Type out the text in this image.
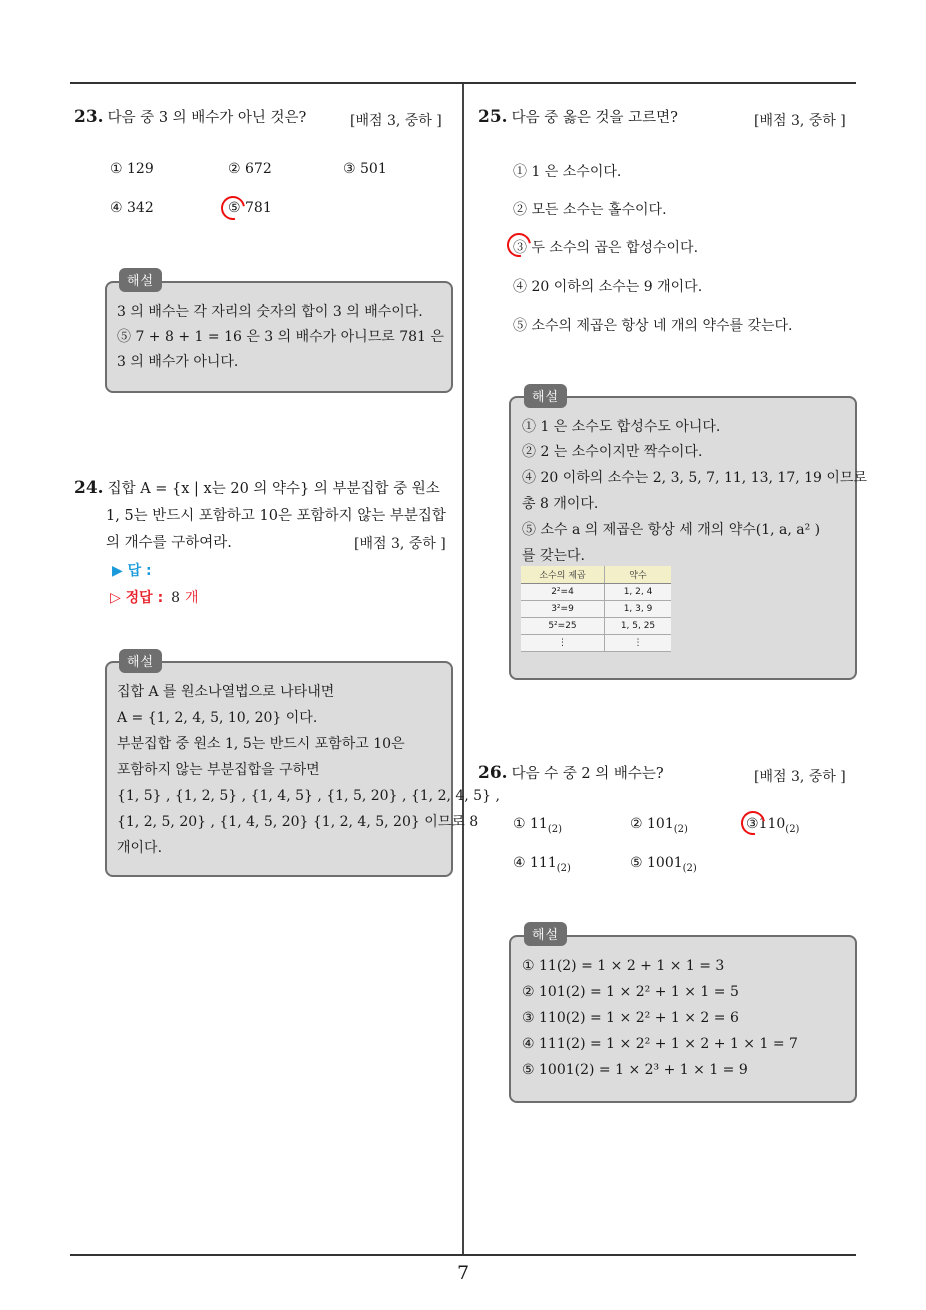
23. 다음 중 3 의 배수가 아닌 것은?	[배점 3, 중하 ]
① 129	② 672	③ 501
④ 342	⑤ 781
해설
3 의 배수는 각 자리의 숫자의 합이 3 의 배수이다.
⑤ 7 + 8 + 1 = 16 은 3 의 배수가 아니므로 781 은
3 의 배수가 아니다.
24. 집합 A = {x | x는 20 의 약수} 의 부분집합 중 원소
1, 5는 반드시 포함하고 10은 포함하지 않는 부분집합
의 개수를 구하여라.	[배점 3, 중하 ]
▶ 답 :
▷ 정답 : 8 개
해설
집합 A 를 원소나열법으로 나타내면
A = {1, 2, 4, 5, 10, 20} 이다.
부분집합 중 원소 1, 5는 반드시 포함하고 10은
포함하지 않는 부분집합을 구하면
{1, 5} , {1, 2, 5} , {1, 4, 5} , {1, 5, 20} , {1, 2, 4, 5} ,
{1, 2, 5, 20} , {1, 4, 5, 20} {1, 2, 4, 5, 20} 이므로 8
개이다.
25. 다음 중 옳은 것을 고르면?	[배점 3, 중하 ]
① 1 은 소수이다.
② 모든 소수는 홀수이다.
③ 두 소수의 곱은 합성수이다.
④ 20 이하의 소수는 9 개이다.
⑤ 소수의 제곱은 항상 네 개의 약수를 갖는다.
해설
① 1 은 소수도 합성수도 아니다.
② 2 는 소수이지만 짝수이다.
④ 20 이하의 소수는 2, 3, 5, 7, 11, 13, 17, 19 이므로
총 8 개이다.
⑤ 소수 a 의 제곱은 항상 세 개의 약수(1, a, a² )
를 갖는다.
소수의 제곱	약수
2²=4	1, 2, 4
3²=9	1, 3, 9
5²=25	1, 5, 25
⋮	⋮
26. 다음 수 중 2 의 배수는?	[배점 3, 중하 ]
① $11_{(2)}$	② $101_{(2)}$	$③110_{(2)}$
④ $111_{(2)}$	⑤ $1001_{(2)}$
해설
① 11(2) = 1 × 2 + 1 × 1 = 3
② 101(2) = 1 × 2² + 1 × 1 = 5
③ 110(2) = 1 × 2² + 1 × 2 = 6
④ 111(2) = 1 × 2² + 1 × 2 + 1 × 1 = 7
⑤ 1001(2) = 1 × 2³ + 1 × 1 = 9
7
